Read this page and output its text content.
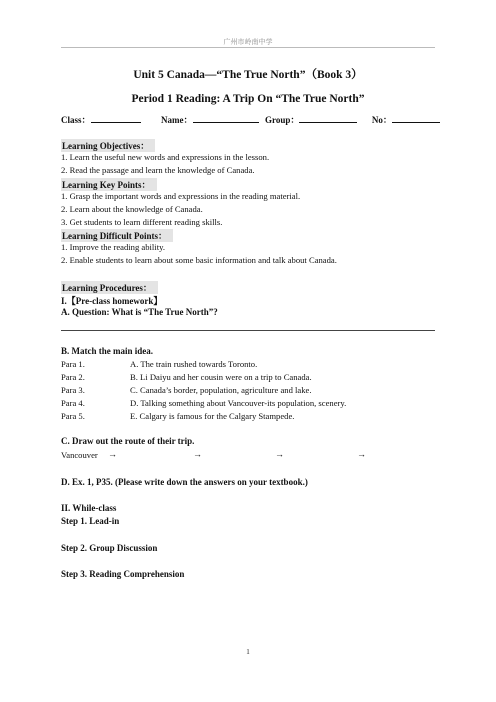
广州市岭南中学
Unit 5 Canada—“The True North”（Book 3）
Period 1 Reading: A Trip On “The True North”
Class：	Name：	Group：	No：
Learning Objectives：
1. Learn the useful new words and expressions in the lesson.
2. Read the passage and learn the knowledge of Canada.
Learning Key Points：
1. Grasp the important words and expressions in the reading material.
2. Learn about the knowledge of Canada.
3. Get students to learn different reading skills.
Learning Difficult Points：
1. Improve the reading ability.
2. Enable students to learn about some basic information and talk about Canada.
Learning Procedures：
I.【Pre-class homework】
A. Question: What is “The True North”?
B. Match the main idea.
Para 1.	A. The train rushed towards Toronto.
Para 2.	B. Li Daiyu and her cousin were on a trip to Canada.
Para 3.	C. Canada’s border, population, agriculture and lake.
Para 4.	D. Talking something about Vancouver-its population, scenery.
Para 5.	E. Calgary is famous for the Calgary Stampede.
C. Draw out the route of their trip.
Vancouver →	→	→	→
D. Ex. 1, P35. (Please write down the answers on your textbook.)
II. While-class
Step 1. Lead-in
Step 2. Group Discussion
Step 3. Reading Comprehension
1
